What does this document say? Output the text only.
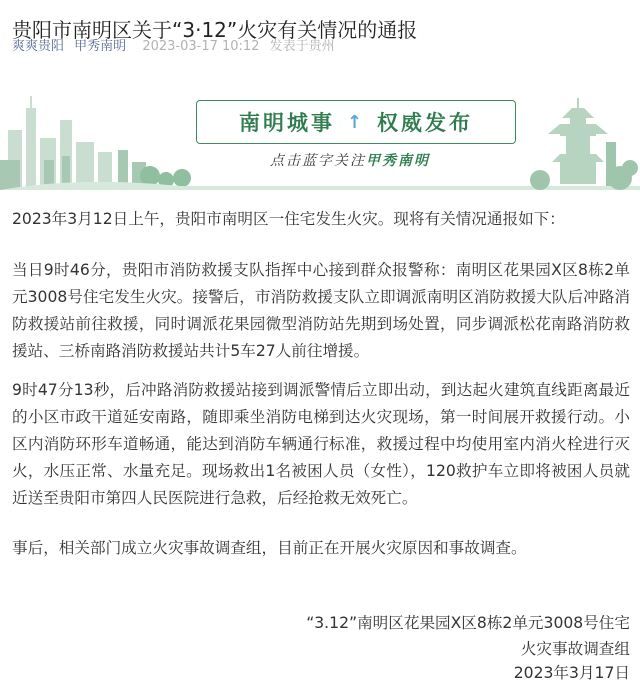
贵阳市南明区关于“3·12”火灾有关情况的通报
爽爽贵阳 甲秀南明 2023-03-17 10:12 发表于贵州
南明城事 ↑ 权威发布
点击蓝字关注甲秀南明

2023年3月12日上午，贵阳市南明区一住宅发生火灾。现将有关情况通报如下：

当日9时46分，贵阳市消防救援支队指挥中心接到群众报警称：南明区花果园X区8栋2单元3008号住宅发生火灾。接警后，市消防救援支队立即调派南明区消防救援大队后冲路消防救援站前往救援，同时调派花果园微型消防站先期到场处置，同步调派松花南路消防救援站、三桥南路消防救援站共计5车27人前往增援。

9时47分13秒，后冲路消防救援站接到调派警情后立即出动，到达起火建筑直线距离最近的小区市政干道延安南路，随即乘坐消防电梯到达火灾现场，第一时间展开救援行动。小区内消防环形车道畅通，能达到消防车辆通行标准，救援过程中均使用室内消火栓进行灭火，水压正常、水量充足。现场救出1名被困人员（女性），120救护车立即将被困人员就近送至贵阳市第四人民医院进行急救，后经抢救无效死亡。

事后，相关部门成立火灾事故调查组，目前正在开展火灾原因和事故调查。

“3.12”南明区花果园X区8栋2单元3008号住宅
火灾事故调查组
2023年3月17日
